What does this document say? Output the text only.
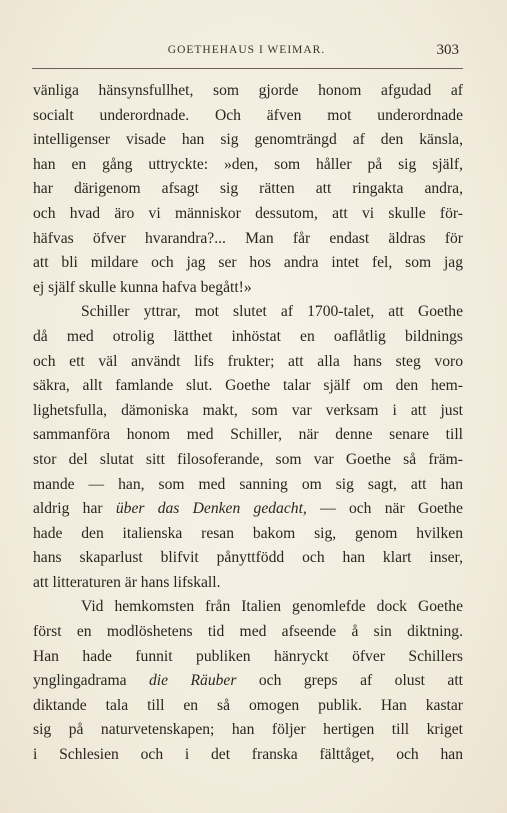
GOETHEHAUS I WEIMAR.	303
vänliga hänsynsfullhet, som gjorde honom afgudad af
socialt underordnade. Och äfven mot underordnade
intelligenser visade han sig genomträngd af den känsla,
han en gång uttryckte: »den, som håller på sig själf,
har därigenom afsagt sig rätten att ringakta andra,
och hvad äro vi människor dessutom, att vi skulle för-
häfvas öfver hvarandra?... Man får endast äldras för
att bli mildare och jag ser hos andra intet fel, som jag
ej själf skulle kunna hafva begått!»
Schiller yttrar, mot slutet af 1700-talet, att Goethe
då med otrolig lätthet inhöstat en oaflåtlig bildnings
och ett väl användt lifs frukter; att alla hans steg voro
säkra, allt famlande slut. Goethe talar själf om den hem-
lighetsfulla, dämoniska makt, som var verksam i att just
sammanföra honom med Schiller, när denne senare till
stor del slutat sitt filosoferande, som var Goethe så främ-
mande — han, som med sanning om sig sagt, att han
aldrig har über das Denken gedacht, — och när Goethe
hade den italienska resan bakom sig, genom hvilken
hans skaparlust blifvit pånyttfödd och han klart inser,
att litteraturen är hans lifskall.
Vid hemkomsten från Italien genomlefde dock Goethe
först en modlöshetens tid med afseende å sin diktning.
Han hade funnit publiken hänryckt öfver Schillers
ynglingadrama die Räuber och greps af olust att
diktande tala till en så omogen publik. Han kastar
sig på naturvetenskapen; han följer hertigen till kriget
i Schlesien och i det franska fälttåget, och han
